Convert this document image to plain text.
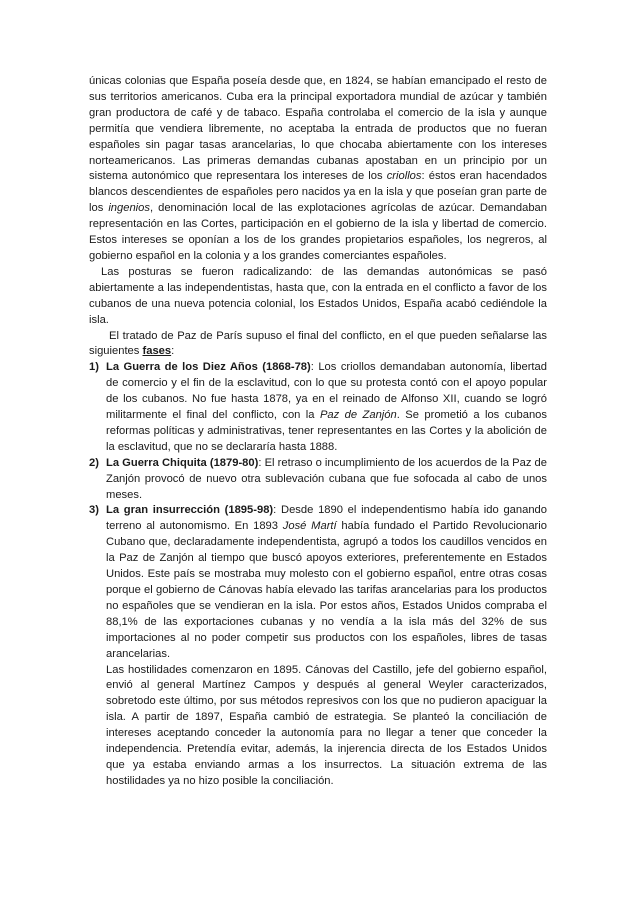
únicas colonias que España poseía desde que, en 1824, se habían emancipado el resto de sus territorios americanos. Cuba era la principal exportadora mundial de azúcar y también gran productora de café y de tabaco. España controlaba el comercio de la isla y aunque permitía que vendiera libremente, no aceptaba la entrada de productos que no fueran españoles sin pagar tasas arancelarias, lo que chocaba abiertamente con los intereses norteamericanos. Las primeras demandas cubanas apostaban en un principio por un sistema autonómico que representara los intereses de los criollos: éstos eran hacendados blancos descendientes de españoles pero nacidos ya en la isla y que poseían gran parte de los ingenios, denominación local de las explotaciones agrícolas de azúcar. Demandaban representación en las Cortes, participación en el gobierno de la isla y libertad de comercio. Estos intereses se oponían a los de los grandes propietarios españoles, los negreros, al gobierno español en la colonia y a los grandes comerciantes españoles.

Las posturas se fueron radicalizando: de las demandas autonómicas se pasó abiertamente a las independentistas, hasta que, con la entrada en el conflicto a favor de los cubanos de una nueva potencia colonial, los Estados Unidos, España acabó cediéndole la isla.

El tratado de Paz de París supuso el final del conflicto, en el que pueden señalarse las siguientes fases:

1) La Guerra de los Diez Años (1868-78): Los criollos demandaban autonomía, libertad de comercio y el fin de la esclavitud, con lo que su protesta contó con el apoyo popular de los cubanos. No fue hasta 1878, ya en el reinado de Alfonso XII, cuando se logró militarmente el final del conflicto, con la Paz de Zanjón. Se prometió a los cubanos reformas políticas y administrativas, tener representantes en las Cortes y la abolición de la esclavitud, que no se declararía hasta 1888.
2) La Guerra Chiquita (1879-80): El retraso o incumplimiento de los acuerdos de la Paz de Zanjón provocó de nuevo otra sublevación cubana que fue sofocada al cabo de unos meses.
3) La gran insurrección (1895-98): Desde 1890 el independentismo había ido ganando terreno al autonomismo. En 1893 José Martí había fundado el Partido Revolucionario Cubano que, declaradamente independentista, agrupó a todos los caudillos vencidos en la Paz de Zanjón al tiempo que buscó apoyos exteriores, preferentemente en Estados Unidos. Este país se mostraba muy molesto con el gobierno español, entre otras cosas porque el gobierno de Cánovas había elevado las tarifas arancelarias para los productos no españoles que se vendieran en la isla. Por estos años, Estados Unidos compraba el 88,1% de las exportaciones cubanas y no vendía a la isla más del 32% de sus importaciones al no poder competir sus productos con los españoles, libres de tasas arancelarias.

Las hostilidades comenzaron en 1895. Cánovas del Castillo, jefe del gobierno español, envió al general Martínez Campos y después al general Weyler caracterizados, sobretodo este último, por sus métodos represivos con los que no pudieron apaciguar la isla. A partir de 1897, España cambió de estrategia. Se planteó la conciliación de intereses aceptando conceder la autonomía para no llegar a tener que conceder la independencia. Pretendía evitar, además, la injerencia directa de los Estados Unidos que ya estaba enviando armas a los insurrectos. La situación extrema de las hostilidades ya no hizo posible la conciliación.
